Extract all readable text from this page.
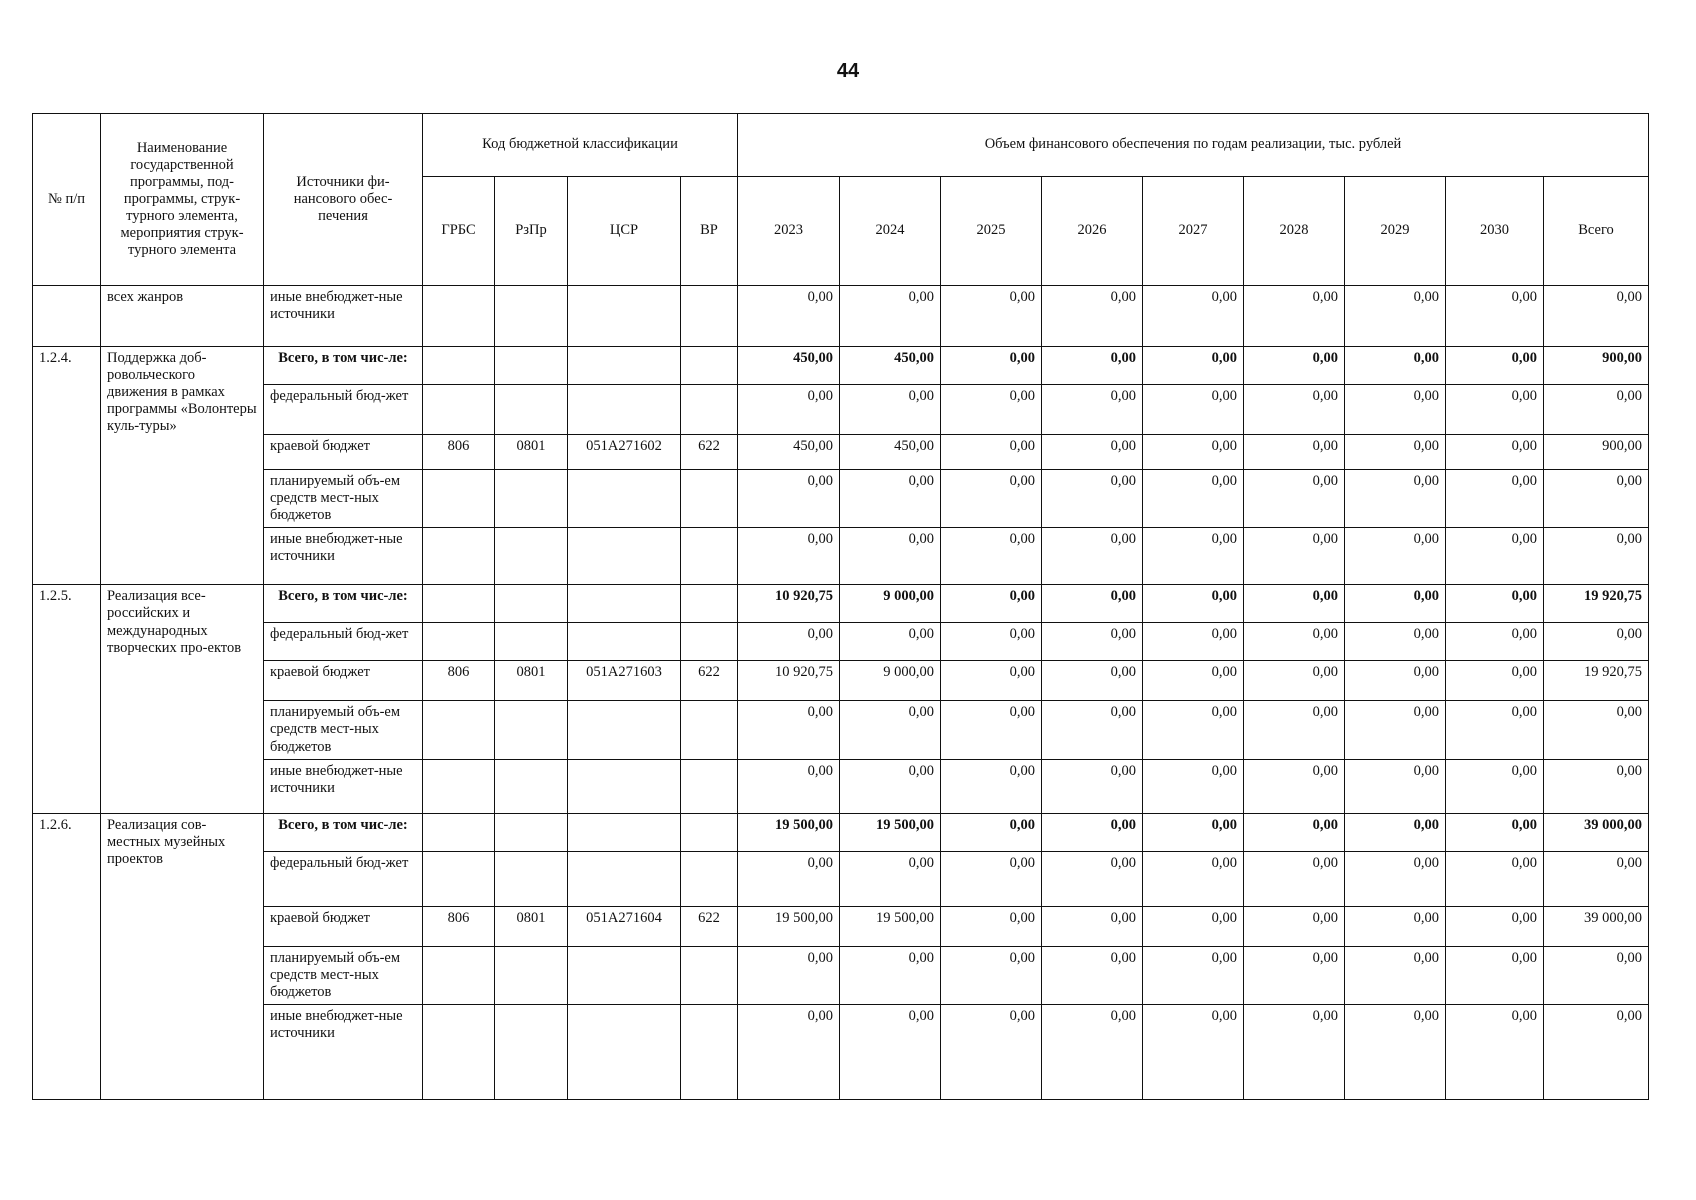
44
№ п/п	Наименование государственной программы, под-программы, струк-турного элемента, мероприятия струк-турного элемента	Источники фи-нансового обес-печения	Код бюджетной классификации				Объем финансового обеспечения по годам реализации, тыс. рублей								
			ГРБС	РзПр	ЦСР	ВР	2023	2024	2025	2026	2027	2028	2029	2030	Всего
	всех жанров	иные внебюджет-ные источники					0,00	0,00	0,00	0,00	0,00	0,00	0,00	0,00	0,00
1.2.4.	Поддержка доб-ровольческого движения в рамках программы «Волонтеры куль-туры»	Всего, в том чис-ле:					450,00	450,00	0,00	0,00	0,00	0,00	0,00	0,00	900,00
		федеральный бюд-жет					0,00	0,00	0,00	0,00	0,00	0,00	0,00	0,00	0,00
		краевой бюджет	806	0801	051А271602	622	450,00	450,00	0,00	0,00	0,00	0,00	0,00	0,00	900,00
		планируемый объ-ем средств мест-ных бюджетов					0,00	0,00	0,00	0,00	0,00	0,00	0,00	0,00	0,00
		иные внебюджет-ные источники					0,00	0,00	0,00	0,00	0,00	0,00	0,00	0,00	0,00
1.2.5.	Реализация все-российских и международных творческих про-ектов	Всего, в том чис-ле:					10 920,75	9 000,00	0,00	0,00	0,00	0,00	0,00	0,00	19 920,75
		федеральный бюд-жет					0,00	0,00	0,00	0,00	0,00	0,00	0,00	0,00	0,00
		краевой бюджет	806	0801	051А271603	622	10 920,75	9 000,00	0,00	0,00	0,00	0,00	0,00	0,00	19 920,75
		планируемый объ-ем средств мест-ных бюджетов					0,00	0,00	0,00	0,00	0,00	0,00	0,00	0,00	0,00
		иные внебюджет-ные источники					0,00	0,00	0,00	0,00	0,00	0,00	0,00	0,00	0,00
1.2.6.	Реализация сов-местных музейных проектов	Всего, в том чис-ле:					19 500,00	19 500,00	0,00	0,00	0,00	0,00	0,00	0,00	39 000,00
		федеральный бюд-жет					0,00	0,00	0,00	0,00	0,00	0,00	0,00	0,00	0,00
		краевой бюджет	806	0801	051А271604	622	19 500,00	19 500,00	0,00	0,00	0,00	0,00	0,00	0,00	39 000,00
		планируемый объ-ем средств мест-ных бюджетов					0,00	0,00	0,00	0,00	0,00	0,00	0,00	0,00	0,00
		иные внебюджет-ные источники					0,00	0,00	0,00	0,00	0,00	0,00	0,00	0,00	0,00
